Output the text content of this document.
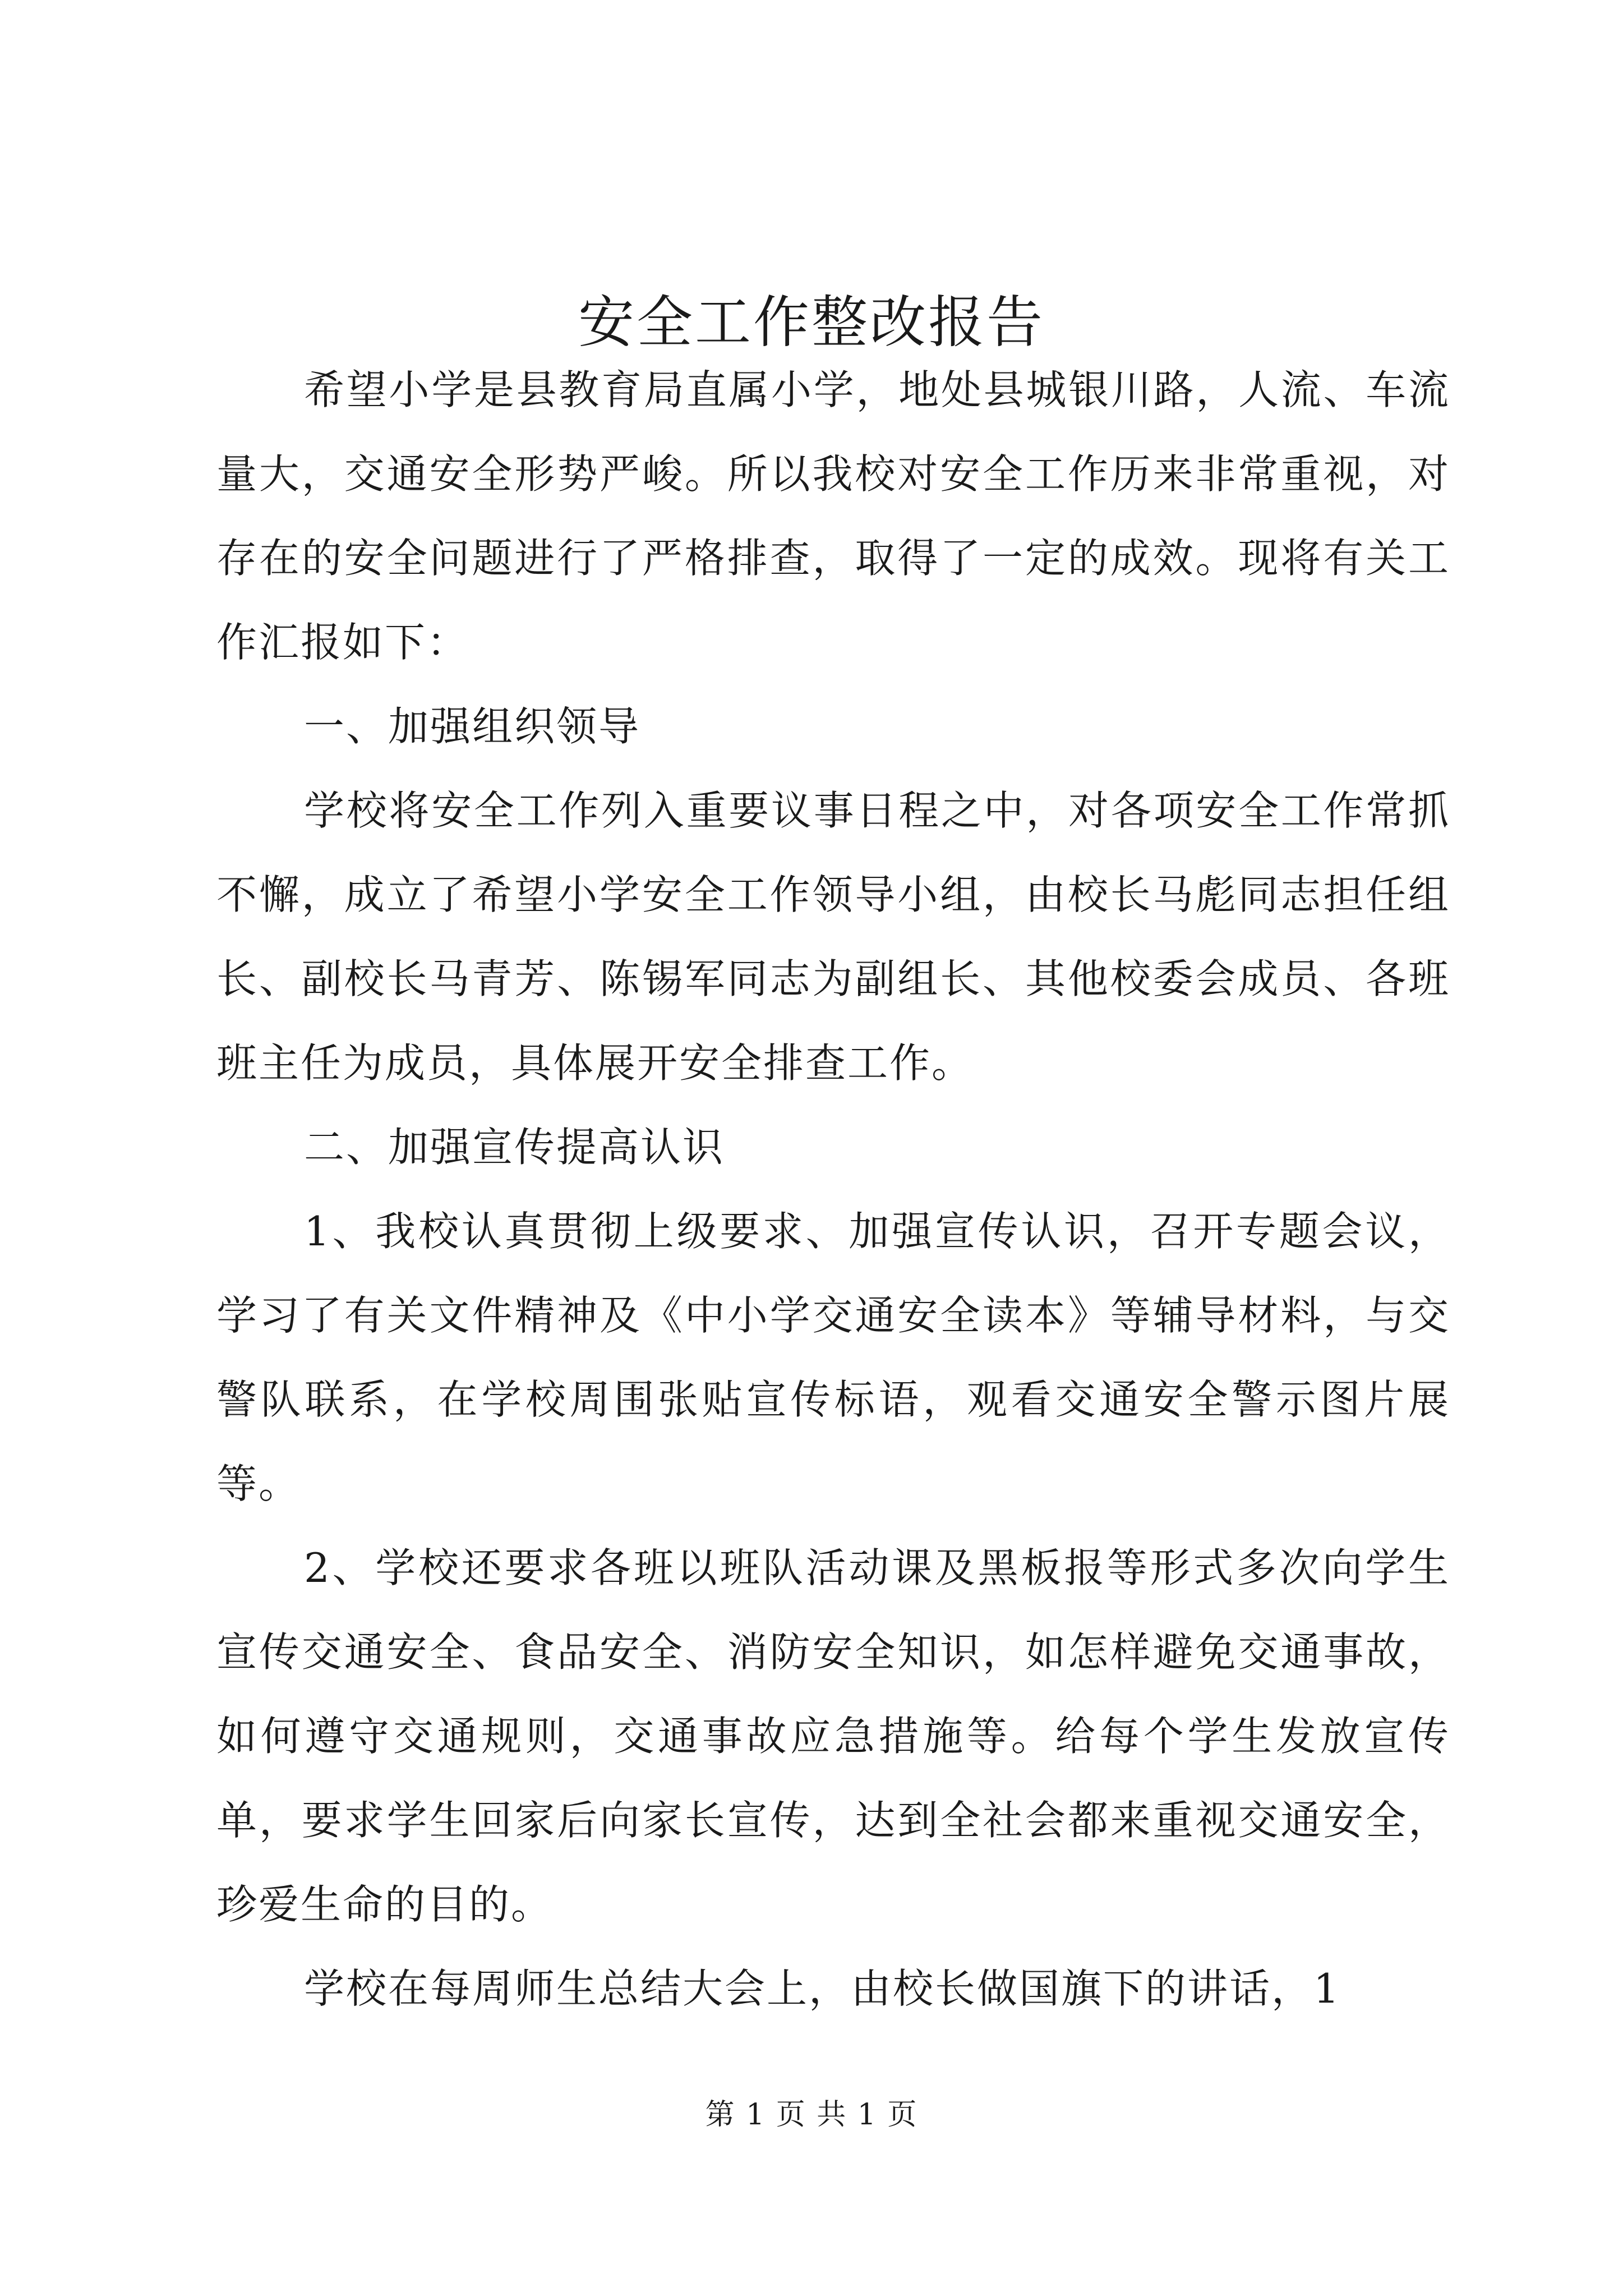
安全工作整改报告

希望小学是县教育局直属小学，地处县城银川路，人流、车流量大，交通安全形势严峻。所以我校对安全工作历来非常重视，对存在的安全问题进行了严格排查，取得了一定的成效。现将有关工作汇报如下：

一、加强组织领导

学校将安全工作列入重要议事日程之中，对各项安全工作常抓不懈，成立了希望小学安全工作领导小组，由校长马彪同志担任组长、副校长马青芳、陈锡军同志为副组长、其他校委会成员、各班班主任为成员，具体展开安全排查工作。

二、加强宣传提高认识

1、我校认真贯彻上级要求、加强宣传认识，召开专题会议，学习了有关文件精神及《中小学交通安全读本》等辅导材料，与交警队联系，在学校周围张贴宣传标语，观看交通安全警示图片展等。

2、学校还要求各班以班队活动课及黑板报等形式多次向学生宣传交通安全、食品安全、消防安全知识，如怎样避免交通事故，如何遵守交通规则，交通事故应急措施等。给每个学生发放宣传单，要求学生回家后向家长宣传，达到全社会都来重视交通安全，珍爱生命的目的。

学校在每周师生总结大会上，由校长做国旗下的讲话，1

第 1 页 共 1 页
